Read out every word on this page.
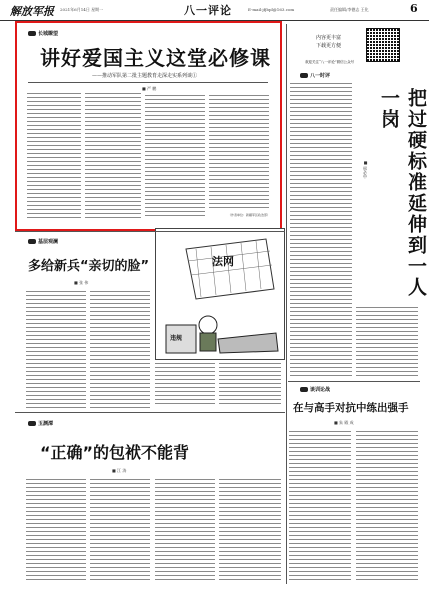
解放军报 2021年6月14日 星期一	八一评论	E-mail:jfjbpl@163.com	责任编辑/李德志 王化	6
长城瞭望
讲好爱国主义这堂必修课
——推动军队第二批主题教育走深走实系列谈①
■ 严 鹏
（作者单位：新疆军区政治部）
内容更丰富
下载更方便
欢迎关注“八一评论”微信公众号
八一时评
把过硬标准延伸到一人一岗
■ 邢必中
法网
违规
基层观澜
多给新兵“亲切的脸”
■ 张 伟
谈训论战
在与高手对抗中练出强手
■ 朱 殿 成
玉渊潭
“正确”的包袱不能背
■ 江 涛
